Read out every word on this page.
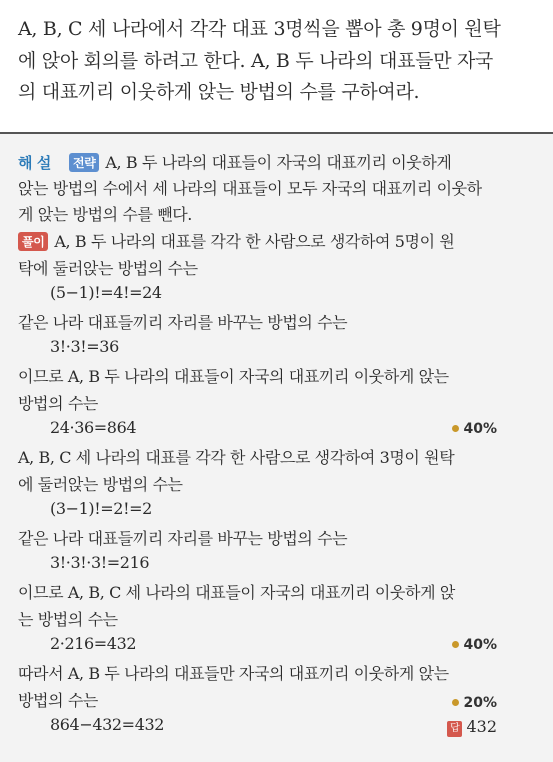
A, B, C 세 나라에서 각각 대표 3명씩을 뽑아 총 9명이 원탁

에 앉아 회의를 하려고 한다. A, B 두 나라의 대표들만 자국

의 대표끼리 이웃하게 앉는 방법의 수를 구하여라.

해 설 전략 A, B 두 나라의 대표들이 자국의 대표끼리 이웃하게
앉는 방법의 수에서 세 나라의 대표들이 모두 자국의 대표끼리 이웃하
게 앉는 방법의 수를 뺀다.
풀이 A, B 두 나라의 대표를 각각 한 사람으로 생각하여 5명이 원
탁에 둘러앉는 방법의 수는
(5−1)!=4!=24
같은 나라 대표들끼리 자리를 바꾸는 방법의 수는
3!·3!=36
이므로 A, B 두 나라의 대표들이 자국의 대표끼리 이웃하게 앉는
방법의 수는
24·36=864	40%
A, B, C 세 나라의 대표를 각각 한 사람으로 생각하여 3명이 원탁
에 둘러앉는 방법의 수는
(3−1)!=2!=2
같은 나라 대표들끼리 자리를 바꾸는 방법의 수는
3!·3!·3!=216
이므로 A, B, C 세 나라의 대표들이 자국의 대표끼리 이웃하게 앉
는 방법의 수는
2·216=432	40%
따라서 A, B 두 나라의 대표들만 자국의 대표끼리 이웃하게 앉는
방법의 수는
864−432=432
20%
답 432
